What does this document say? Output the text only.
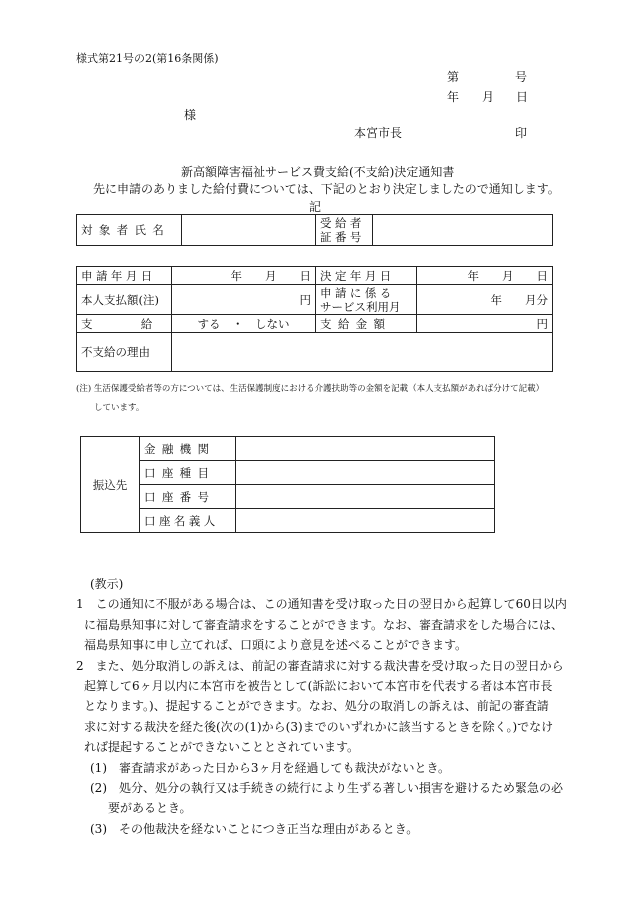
様式第21号の2(第16条関係)
第	号
年 月 日
様
本宮市長	印
新高額障害福祉サービス費支給(不支給)決定通知書
先に申請のありました給付費については、下記のとおり決定しましたので通知します。
記
対象者氏名		受給者
証番号

申請年月日	年　　 月　　 日	決定年月日	年　　 月　　 日
本人支払額(注)	円	申請に係る
サービス利用月	年　　月分
支給	する　・　しない	支給金額	円
不支給の理由			
(注) 生活保護受給者等の方については、生活保護制度における介護扶助等の金額を記載（本人支払額があれば分けて記載）
しています。
振込先	金融機関	
	口座種目	
	口座番号	
	口座名義人	
(教示)
1　この通知に不服がある場合は、この通知書を受け取った日の翌日から起算して60日以内
に福島県知事に対して審査請求をすることができます。なお、審査請求をした場合には、
福島県知事に申し立てれば、口頭により意見を述べることができます。
2　また、処分取消しの訴えは、前記の審査請求に対する裁決書を受け取った日の翌日から
起算して6ヶ月以内に本宮市を被告として(訴訟において本宮市を代表する者は本宮市長
となります。)、提起することができます。なお、処分の取消しの訴えは、前記の審査請
求に対する裁決を経た後(次の(1)から(3)までのいずれかに該当するときを除く。)でなけ
れば提起することができないこととされています。
(1)　審査請求があった日から3ヶ月を経過しても裁決がないとき。
(2)　処分、処分の執行又は手続きの続行により生ずる著しい損害を避けるため緊急の必
要があるとき。
(3)　その他裁決を経ないことにつき正当な理由があるとき。
